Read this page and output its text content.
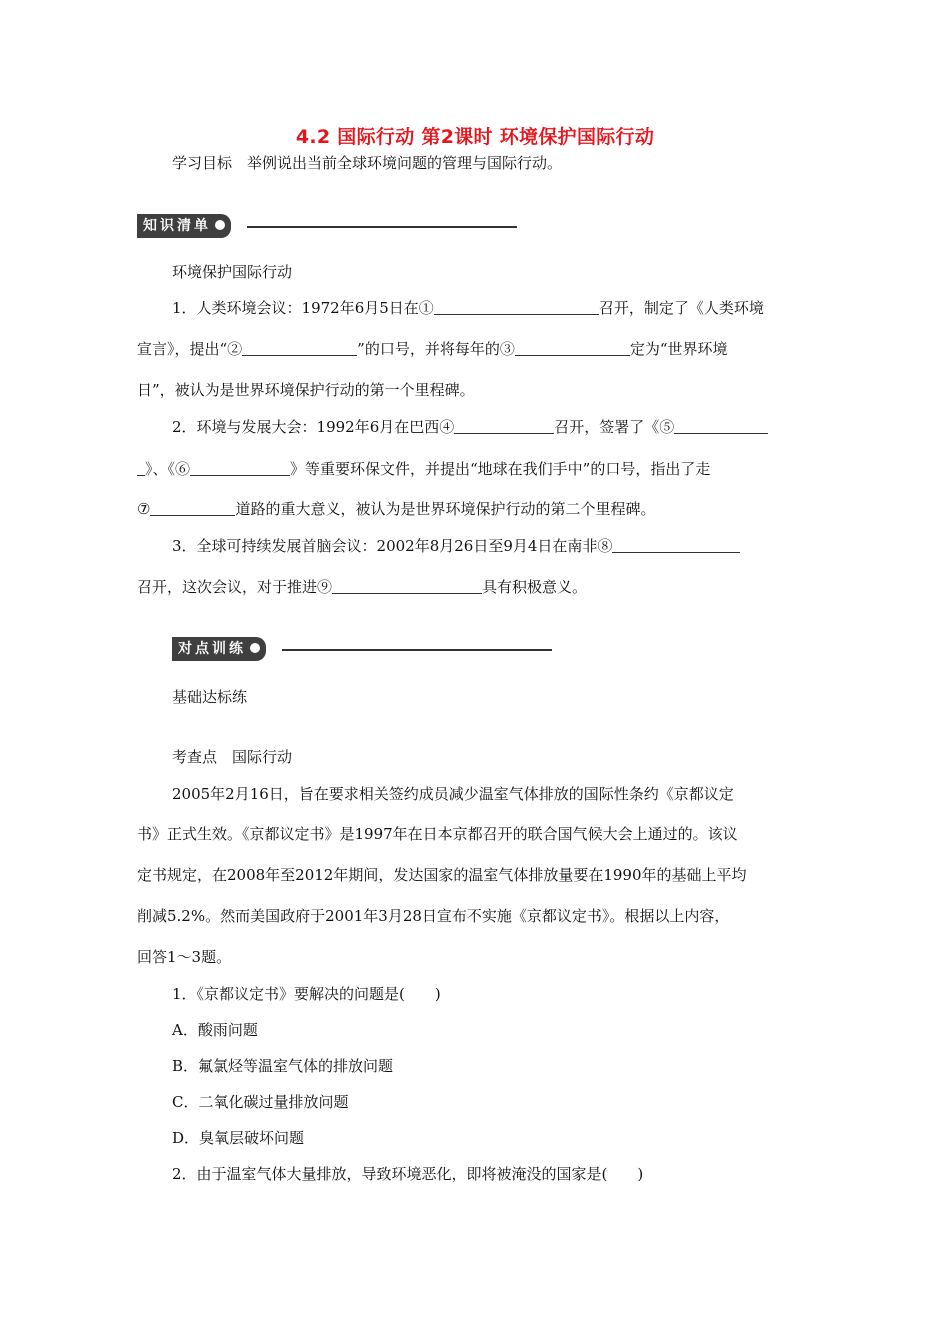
4.2 国际行动 第2课时 环境保护国际行动
学习目标　举例说出当前全球环境问题的管理与国际行动。
知识清单
环境保护国际行动
1．人类环境会议：1972年6月5日在①	召开，制定了《人类环境
宣言》，提出“②	”的口号，并将每年的③	定为“世界环境
日”，被认为是世界环境保护行动的第一个里程碑。
2．环境与发展大会：1992年6月在巴西④	召开，签署了《⑤
》、《⑥	》等重要环保文件，并提出“地球在我们手中”的口号，指出了走
⑦	道路的重大意义，被认为是世界环境保护行动的第二个里程碑。
3．全球可持续发展首脑会议：2002年8月26日至9月4日在南非⑧
召开，这次会议，对于推进⑨	具有积极意义。
对点训练
基础达标练
考查点　国际行动
2005年2月16日，旨在要求相关签约成员减少温室气体排放的国际性条约《京都议定
书》正式生效。《京都议定书》是1997年在日本京都召开的联合国气候大会上通过的。该议
定书规定，在2008年至2012年期间，发达国家的温室气体排放量要在1990年的基础上平均
削减5.2%。然而美国政府于2001年3月28日宣布不实施《京都议定书》。根据以上内容，
回答1～3题。
1．《京都议定书》要解决的问题是(　　)
A．酸雨问题
B．氟氯烃等温室气体的排放问题
C．二氧化碳过量排放问题
D．臭氧层破坏问题
2．由于温室气体大量排放，导致环境恶化，即将被淹没的国家是(　　)
